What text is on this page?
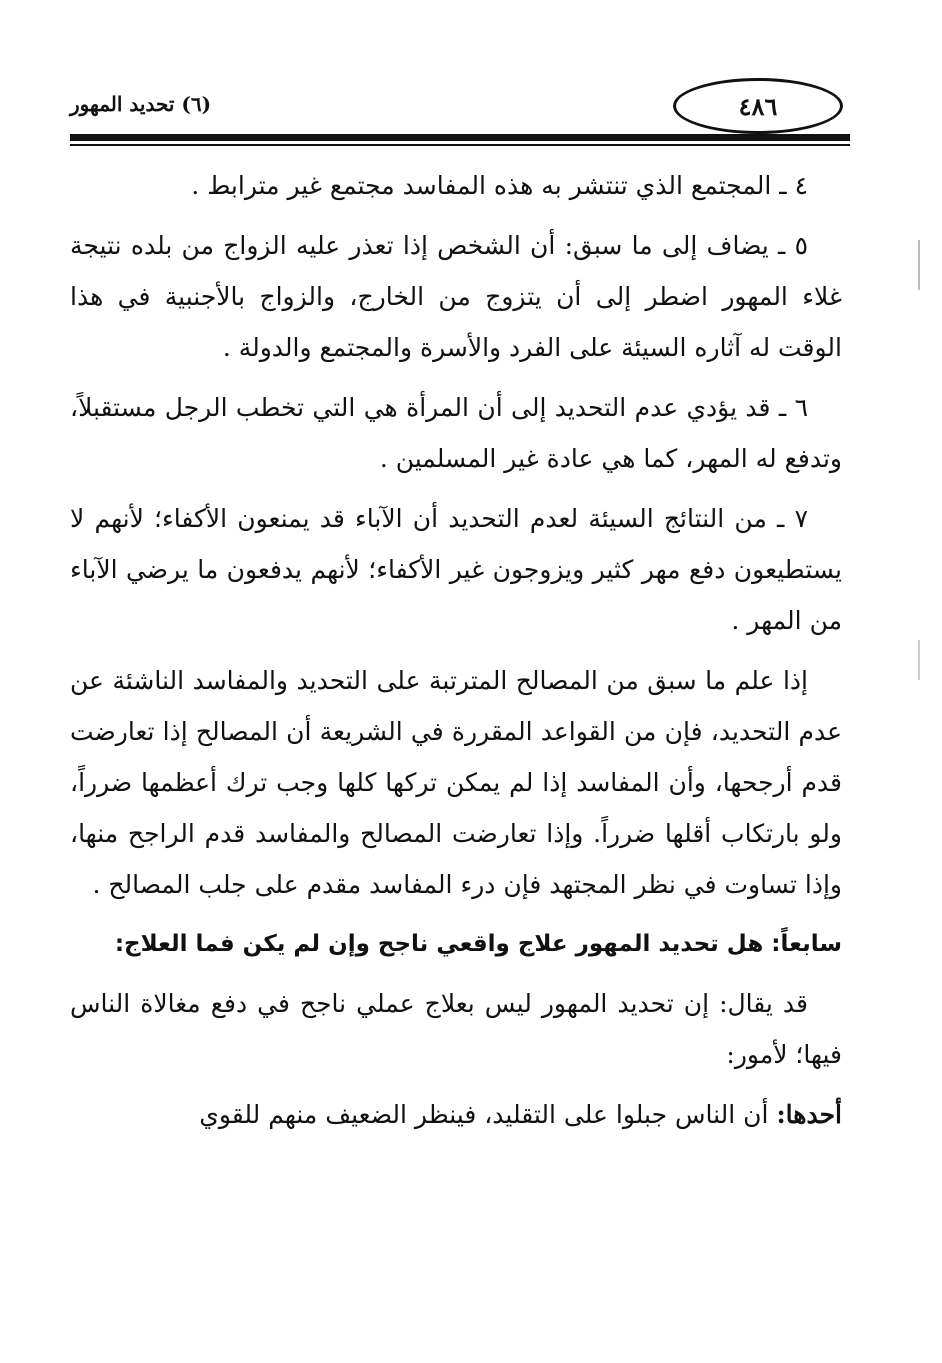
٤٨٦
(٦) تحديد المهور

٤ ـ المجتمع الذي تنتشر به هذه المفاسد مجتمع غير مترابط .

٥ ـ يضاف إلى ما سبق: أن الشخص إذا تعذر عليه الزواج من بلده نتيجة غلاء المهور اضطر إلى أن يتزوج من الخارج، والزواج بالأجنبية في هذا الوقت له آثاره السيئة على الفرد والأسرة والمجتمع والدولة .

٦ ـ قد يؤدي عدم التحديد إلى أن المرأة هي التي تخطب الرجل مستقبلاً، وتدفع له المهر، كما هي عادة غير المسلمين .

٧ ـ من النتائج السيئة لعدم التحديد أن الآباء قد يمنعون الأكفاء؛ لأنهم لا يستطيعون دفع مهر كثير ويزوجون غير الأكفاء؛ لأنهم يدفعون ما يرضي الآباء من المهر .

إذا علم ما سبق من المصالح المترتبة على التحديد والمفاسد الناشئة عن عدم التحديد، فإن من القواعد المقررة في الشريعة أن المصالح إذا تعارضت قدم أرجحها، وأن المفاسد إذا لم يمكن تركها كلها وجب ترك أعظمها ضرراً، ولو بارتكاب أقلها ضرراً. وإذا تعارضت المصالح والمفاسد قدم الراجح منها، وإذا تساوت في نظر المجتهد فإن درء المفاسد مقدم على جلب المصالح .

سابعاً: هل تحديد المهور علاج واقعي ناجح وإن لم يكن فما العلاج:

قد يقال: إن تحديد المهور ليس بعلاج عملي ناجح في دفع مغالاة الناس فيها؛ لأمور:

أحدها: أن الناس جبلوا على التقليد، فينظر الضعيف منهم للقوي
